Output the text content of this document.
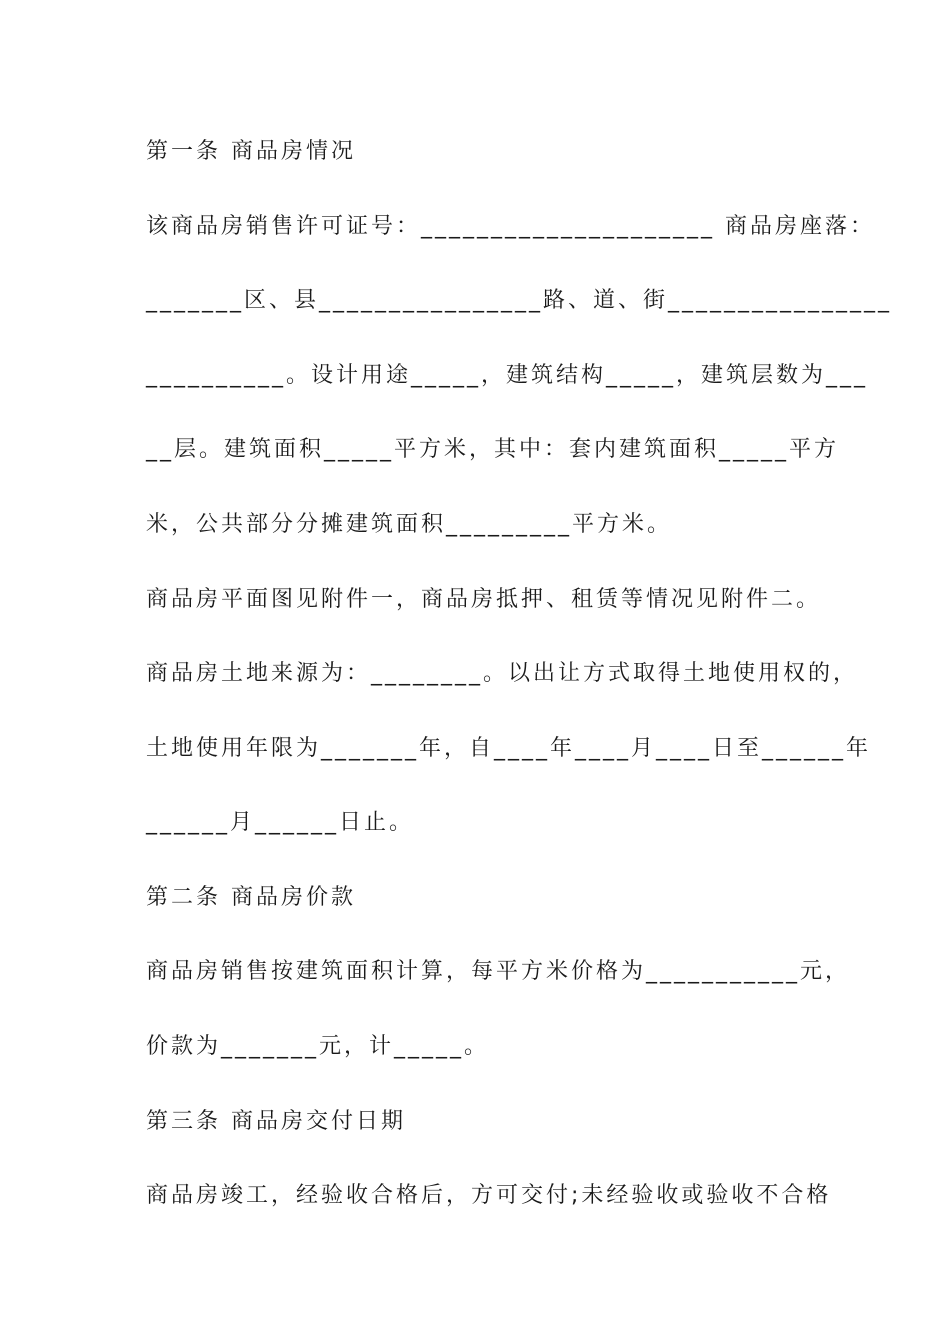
第一条 商品房情况

该商品房销售许可证号：_____________________ 商品房座落：

_______区、县________________路、道、街________________

__________。设计用途_____，建筑结构_____，建筑层数为___

__层。建筑面积_____平方米，其中：套内建筑面积_____平方

米，公共部分分摊建筑面积_________平方米。

商品房平面图见附件一，商品房抵押、租赁等情况见附件二。

商品房土地来源为：________。以出让方式取得土地使用权的，

土地使用年限为_______年，自____年____月____日至______年

______月______日止。

第二条 商品房价款

商品房销售按建筑面积计算，每平方米价格为___________元，

价款为_______元，计_____。

第三条 商品房交付日期

商品房竣工，经验收合格后，方可交付;未经验收或验收不合格
